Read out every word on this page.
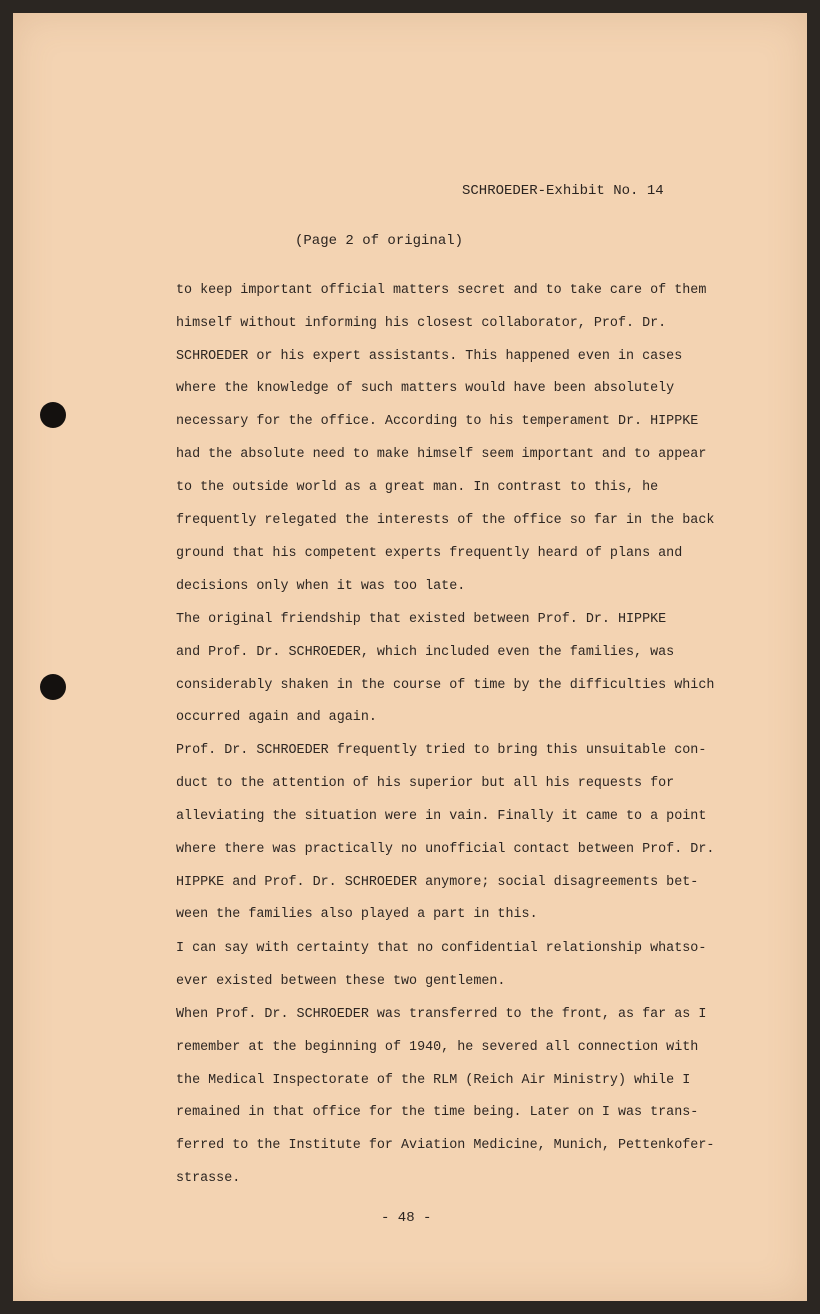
SCHROEDER-Exhibit No. 14
(Page 2 of original)
to keep important official matters secret and to take care of them
himself without informing his closest collaborator, Prof. Dr.
SCHROEDER or his expert assistants. This happened even in cases
where the knowledge of such matters would have been absolutely
necessary for the office. According to his temperament Dr. HIPPKE
had the absolute need to make himself seem important and to appear
to the outside world as a great man. In contrast to this, he
frequently relegated the interests of the office so far in the back
ground that his competent experts frequently heard of plans and
decisions only when it was too late.
The original friendship that existed between Prof. Dr. HIPPKE
and Prof. Dr. SCHROEDER, which included even the families, was
considerably shaken in the course of time by the difficulties which
occurred again and again.
Prof. Dr. SCHROEDER frequently tried to bring this unsuitable con-
duct to the attention of his superior but all his requests for
alleviating the situation were in vain. Finally it came to a point
where there was practically no unofficial contact between Prof. Dr.
HIPPKE and Prof. Dr. SCHROEDER anymore; social disagreements bet-
ween the families also played a part in this.
I can say with certainty that no confidential relationship whatso-
ever existed between these two gentlemen.
When Prof. Dr. SCHROEDER was transferred to the front, as far as I
remember at the beginning of 1940, he severed all connection with
the Medical Inspectorate of the RLM (Reich Air Ministry) while I
remained in that office for the time being. Later on I was trans-
ferred to the Institute for Aviation Medicine, Munich, Pettenkofer-
strasse.
- 48 -
